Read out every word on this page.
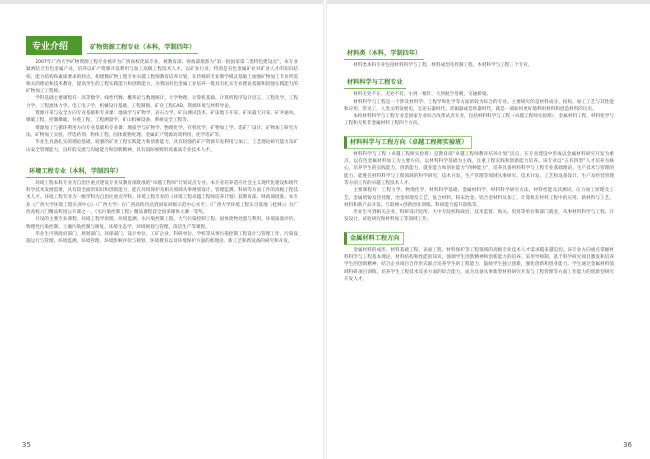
专业介绍	矿物资源工程专业（本科，学制四年）

2007年广西大学矿物资源工程专业被评为广西高校优质专业，被教育部、财政部批准为“第一批国家第二类特色建设点”。本专业紧密结合有色金属产业，培养以矿产资源开发利用与加工高级工程技术人才。以矿业行业，特别是有色金属矿业对矿业人才的知识结构、能力结构和素质要求的特点，构建数矿物工程专业卓越工程师教育培养计划，在传统的专业教学模式基础上加强矿物加工专业所需相关的理论和技术教育，提高学生的工程实践能力和创新能力，为我国有色金属工业培养一批具有扎实专业理论基础和较强实践能力的矿物加工工程师。

学科基础主要课程有：高等数学、线性代数、概率论与数理统计、大学物理、计算机基础、计算机程序设计语言、工程化学、工程力学、工程流体力学、电工电子学、机械设计基础、工程制图、矿业工程CAD、资源环境与材料导论。

资源开采与安全方向专业基础和专业课：地质学与矿物学、岩石力学、矿山测试技术、矿床地下开采、矿床露天开采、矿井通风、爆破工程、控制爆破、井巷工程、工程测量学、矿山机械设备、系统安全工程等。

资源加工与循环利用方向专业基础和专业课：地质学与矿物学、物理化学、有机化学、矿物加工学、选矿厂设计、矿物加工研究方法、矿物加工实验、浮选药剂、粉体工程、固体废物处理、金属矿产资源高效利用、化学选矿等。

毕业生具备扎实的理论基础、较强的矿业工程实践能力和创新能力，具有较强的矿产资源开发利用与加工、工艺理论研究能力及矿山安全管理能力，良好的交流与沟通能力和创新精神，具有国际视野的高素质专业技术人才。

环境工程专业（本科，学制四年）

环境工程本科专业为自治区重点建设专业及教育部批准的“卓越工程师”计划试点专业。本专业培养适应社会主义现代化建设和现代科学技术发展需要，具有较全面的知识和创新能力，能在环境保护及相关领域从事规划设计、管理监测、科研等方面工作的高级工程技术人才。环境工程专业为一级学科为自治区重点学科。环境工程专业的《环境工程卓越工程师培养计划》获教育部、财政部批准。本专业《广西大学环境工程实训中心》（广西大学）在广西高校内达到国家同级示范中心水平；《广西大学环境工程实习基地（桂林）》为广西高校六门精品校园公开课之一。《水污染控制工程》精品课程获全国多媒体大赛一等奖。

开设的主要专业课程：环境工程学原理、环境监测、水污染控制工程、大气污染控制工程、固体废物处置与利用、环境质量评价、物理性污染控制、土壤污染控制与修复、环境生态学、环境规划与管理、清洁生产等课程。

毕业生可到政府部门、规划部门、环保部门、设计单位、工矿企业、科研单位、学校等从事污染控制工程设计与管理工作，污染设施运行与管理、环境监测、环境管理、环境影响评价与规划、环境教育以及环境保护方面的新理论、新工艺和新设备的研究和开发。

35
材料类（本科，学制四年）

材料类本科专业包括材料科学与工程、材料成型及控制工程、木材科学与工程三个专业。

材料科学与工程专业

材料无处不在、无处不有，小到一根针，大到航空母舰，交通桥梁。

材料科学与工程是一个涉及材料学、工程学和化学等方面的较为综合的专业。主要研究的是材料成分、结构、加工工艺与其性能和应用，常见工，人类文明发展史，无论石器时代、青铜器或是铁器时代，就是一部如何更好地利用材料和创造材料的历史。

本校材料科学与工程专业是国家专业综合改革试点专业，包括材料科学与工程（卓越工程师实验班），金属材料工程、材料化学与工程和无机非金属材料工程四个方向。

材料科学与工程方向（卓越工程师实验班）

材料科学与工程（卓越工程师实验班）是教育部“卓越工程师教育培养计划”试点，在专业建设中形成以金属材料研究开发为重点，以有色金属材料加工为主要方向，以材料科学基础为主线，注重工程实践和创新能力培养。该专业以“五有四型”人才培养为核心，培养学生的实践能力、创新能力，就业能力和创业能力“四种能力”，培养具备材料科学与工程专业基础理论、生产技术与管理的能力，能胜任材料科学与工程领域的科学研究、技术开发、生产管理等领域从事研究、技术开发、工艺和设备设计、生产及经营管理等方面工作的卓越工程技术人才。

主要课程有：工程力学、物理化学、材料科学基础、金属材料学、材料科学研究方法、材料性能及其测试、压力加工原理及工艺、金属熔铸及热处理、冶金原理及工艺、复合材料、粉末冶金、铝合金材料及加工、计算机在材料工程中的应用、新材料与工艺、材料和新产品开发、互联网+创新创业训练、科研能力提升训练等。

毕业生可到相关企业、科研设计院所、大中专院校和政府、技术监督、海关、贸易等单位和部门就业，从事材料科学与工程、开发设计、试验研究和材料加工等领域工作。

金属材料工程方向

金属材料的成形、材料基础工程、表面工程、材料保护等工程领域的高级专业技术人才需求越来越迫切。该专业方向重点掌握材料科学与工程基本理论，材料结构和性能的知识，强调学生创新精神和创新能力的培养。采用导师制，基于科学研究项目激发和培养学生的创新精神，结合企业项目合作形式联合培养学生的工程能力，鼓励学生独立创新，强化创新和创业能力。学生通过金属材料领域科研项目训练，培养学生工程技术及多方面的综合能力，成为具备从事新型材料研究开发与工程管理等方面工作能力的创新型研究开发人才。

36
